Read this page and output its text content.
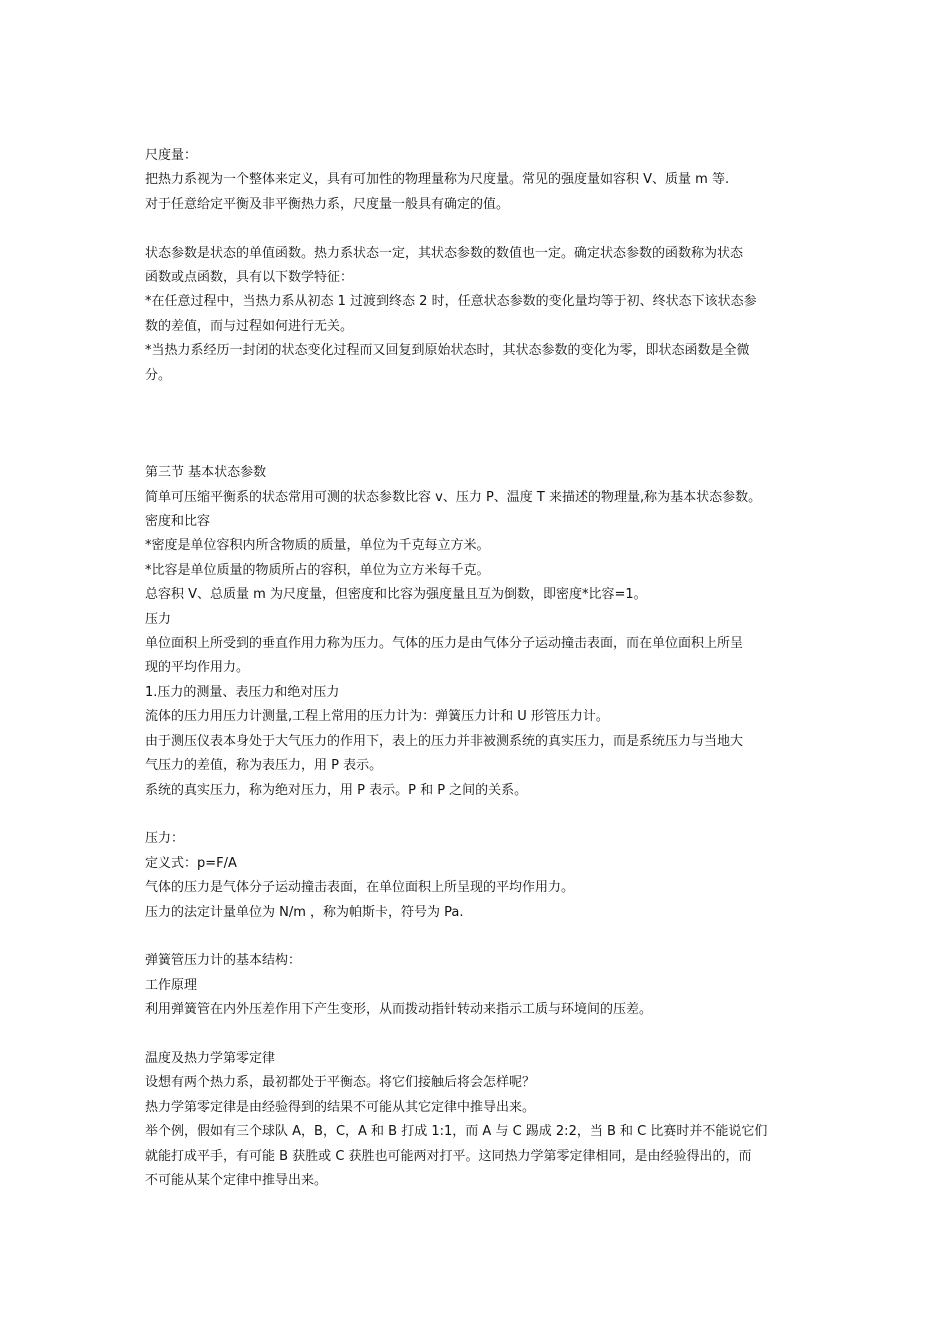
尺度量：
把热力系视为一个整体来定义，具有可加性的物理量称为尺度量。常见的强度量如容积 V、质量 m 等.
对于任意给定平衡及非平衡热力系，尺度量一般具有确定的值。
状态参数是状态的单值函数。热力系状态一定，其状态参数的数值也一定。确定状态参数的函数称为状态
函数或点函数，具有以下数学特征：
*在任意过程中，当热力系从初态 1 过渡到终态 2 时，任意状态参数的变化量均等于初、终状态下该状态参
数的差值，而与过程如何进行无关。
*当热力系经历一封闭的状态变化过程而又回复到原始状态时，其状态参数的变化为零，即状态函数是全微
分。
第三节 基本状态参数
简单可压缩平衡系的状态常用可测的状态参数比容 v、压力 P、温度 T 来描述的物理量,称为基本状态参数。
密度和比容
*密度是单位容积内所含物质的质量，单位为千克每立方米。
*比容是单位质量的物质所占的容积，单位为立方米每千克。
总容积 V、总质量 m 为尺度量，但密度和比容为强度量且互为倒数，即密度*比容=1。
压力
单位面积上所受到的垂直作用力称为压力。气体的压力是由气体分子运动撞击表面，而在单位面积上所呈
现的平均作用力。
1.压力的测量、表压力和绝对压力
流体的压力用压力计测量,工程上常用的压力计为：弹簧压力计和 U 形管压力计。
由于测压仪表本身处于大气压力的作用下，表上的压力并非被测系统的真实压力，而是系统压力与当地大
气压力的差值，称为表压力，用 P 表示。
系统的真实压力，称为绝对压力，用 P 表示。P 和 P 之间的关系。
压力：
定义式：p=F/A
气体的压力是气体分子运动撞击表面，在单位面积上所呈现的平均作用力。
压力的法定计量单位为 N/m ，称为帕斯卡，符号为 Pa.
弹簧管压力计的基本结构：
工作原理
利用弹簧管在内外压差作用下产生变形，从而拨动指针转动来指示工质与环境间的压差。
温度及热力学第零定律
设想有两个热力系，最初都处于平衡态。将它们接触后将会怎样呢？
热力学第零定律是由经验得到的结果不可能从其它定律中推导出来。
举个例，假如有三个球队 A，B，C，A 和 B 打成 1:1，而 A 与 C 踢成 2:2，当 B 和 C 比赛时并不能说它们
就能打成平手，有可能 B 获胜或 C 获胜也可能两对打平。这同热力学第零定律相同，是由经验得出的，而
不可能从某个定律中推导出来。
